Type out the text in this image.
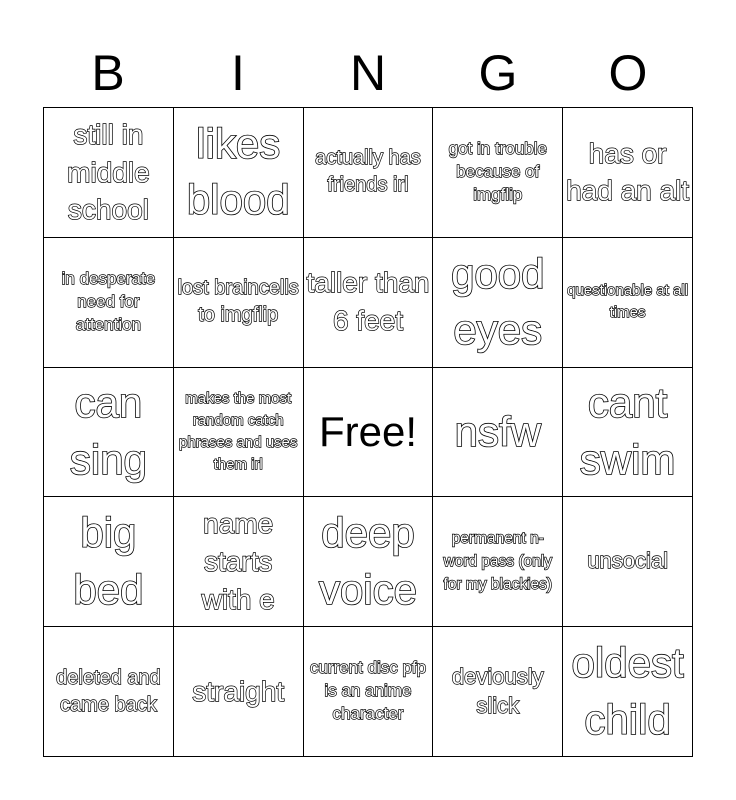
B	I	N	G	O
still in middle school
likes blood
actually has friends irl
got in trouble because of imgflip
has or had an alt
in desperate need for attention
lost braincells to imgflip
taller than 6 feet
good eyes
questionable at all times
can sing
makes the most random catch phrases and uses them irl
Free! nsfw
cant swim
big bed
name starts with e
deep voice
permanent n-word pass (only for my blackies)
unsocial
deleted and came back	straight
current disc pfp is an anime character
deviously slick
oldest child
